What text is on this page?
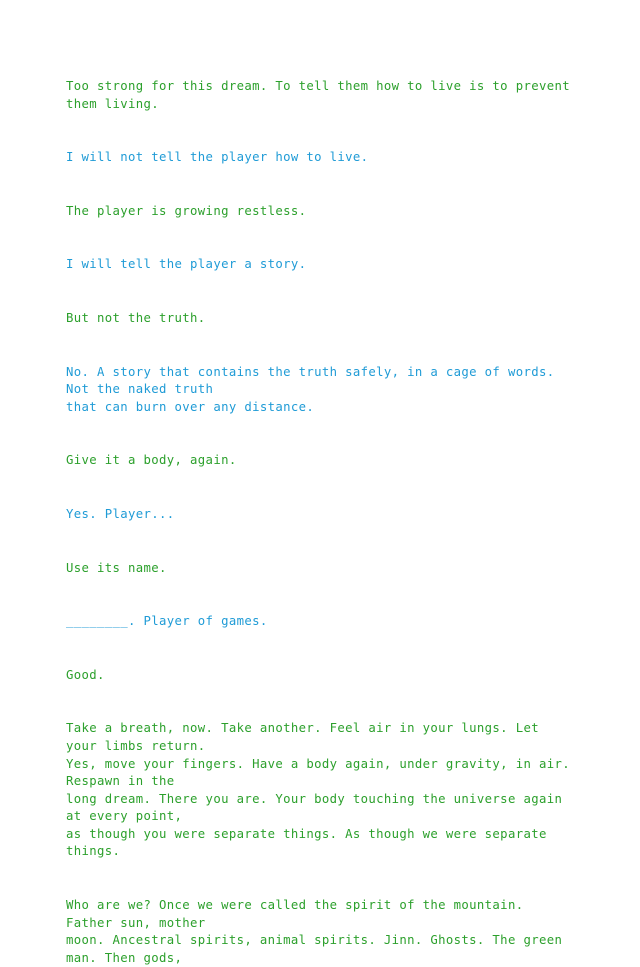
Too strong for this dream. To tell them how to live is to prevent them living.
I will not tell the player how to live.
The player is growing restless.
I will tell the player a story.
But not the truth.
No. A story that contains the truth safely, in a cage of words. Not the naked truth
that can burn over any distance.
Give it a body, again.
Yes. Player...
Use its name.
________. Player of games.
Good.
Take a breath, now. Take another. Feel air in your lungs. Let your limbs return.
Yes, move your fingers. Have a body again, under gravity, in air. Respawn in the
long dream. There you are. Your body touching the universe again at every point,
as though you were separate things. As though we were separate things.
Who are we? Once we were called the spirit of the mountain. Father sun, mother
moon. Ancestral spirits, animal spirits. Jinn. Ghosts. The green man. Then gods,
